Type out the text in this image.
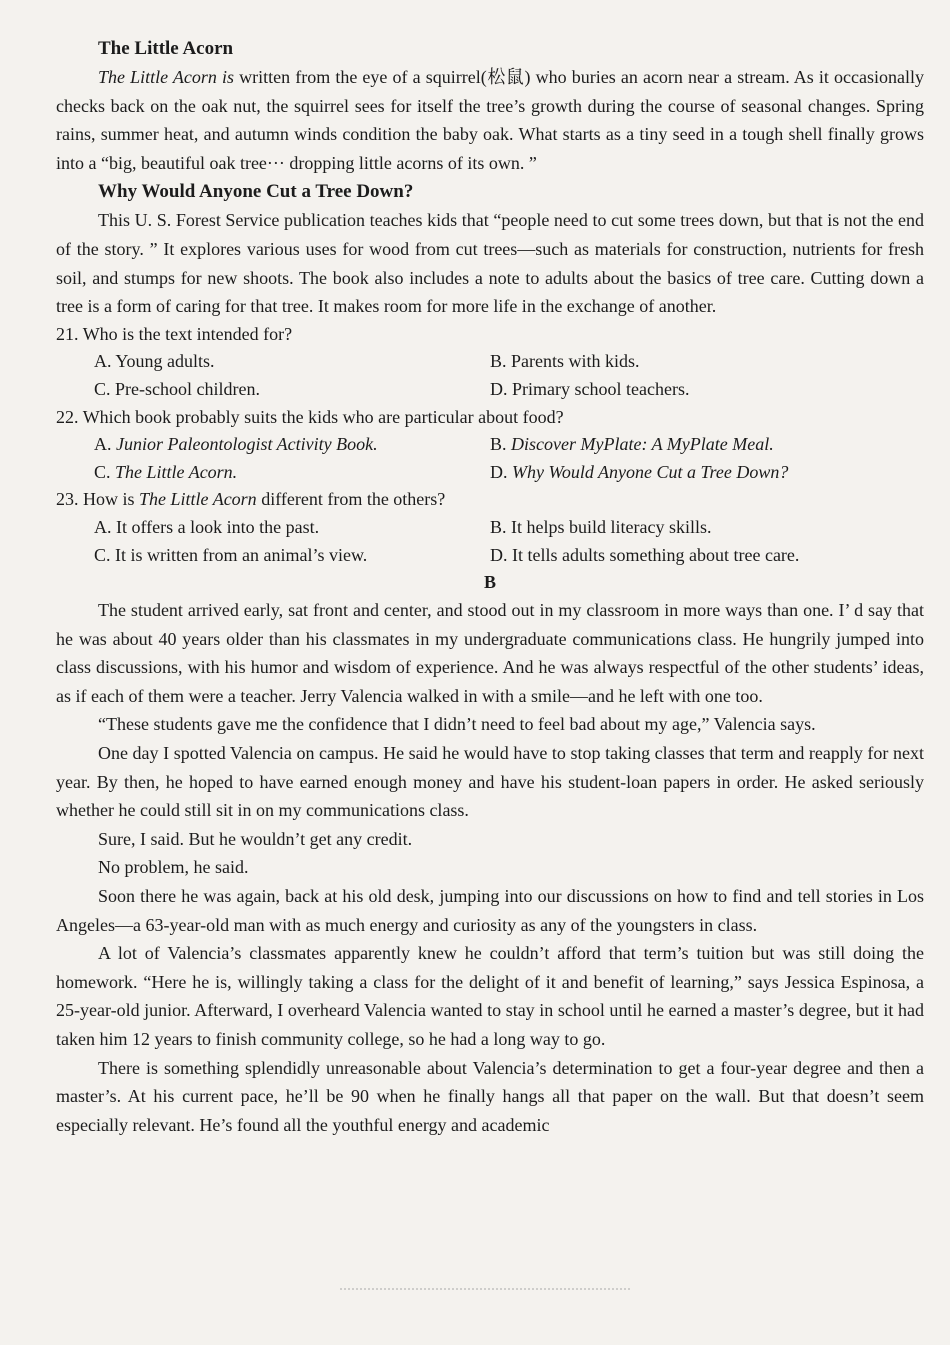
The Little Acorn

The Little Acorn is written from the eye of a squirrel(松鼠) who buries an acorn near a stream. As it occasionally checks back on the oak nut, the squirrel sees for itself the tree’s growth during the course of seasonal changes. Spring rains, summer heat, and autumn winds condition the baby oak. What starts as a tiny seed in a tough shell finally grows into a “big, beautiful oak tree··· dropping little acorns of its own. ”

Why Would Anyone Cut a Tree Down?

This U. S. Forest Service publication teaches kids that “people need to cut some trees down, but that is not the end of the story. ” It explores various uses for wood from cut trees—such as materials for construction, nutrients for fresh soil, and stumps for new shoots. The book also includes a note to adults about the basics of tree care. Cutting down a tree is a form of caring for that tree. It makes room for more life in the exchange of another.

21. Who is the text intended for?

A. Young adults.	B. Parents with kids.
C. Pre-school children.	D. Primary school teachers.

22. Which book probably suits the kids who are particular about food?

A. Junior Paleontologist Activity Book.	B. Discover MyPlate: A MyPlate Meal.
C. The Little Acorn.	D. Why Would Anyone Cut a Tree Down?

23. How is The Little Acorn different from the others?

A. It offers a look into the past.	B. It helps build literacy skills.
C. It is written from an animal’s view.	D. It tells adults something about tree care.

B

The student arrived early, sat front and center, and stood out in my classroom in more ways than one. I’ d say that he was about 40 years older than his classmates in my undergraduate communications class. He hungrily jumped into class discussions, with his humor and wisdom of experience. And he was always respectful of the other students’ ideas, as if each of them were a teacher. Jerry Valencia walked in with a smile—and he left with one too.

“These students gave me the confidence that I didn’t need to feel bad about my age,” Valencia says.

One day I spotted Valencia on campus. He said he would have to stop taking classes that term and reapply for next year. By then, he hoped to have earned enough money and have his student-loan papers in order. He asked seriously whether he could still sit in on my communications class.

Sure, I said. But he wouldn’t get any credit.

No problem, he said.

Soon there he was again, back at his old desk, jumping into our discussions on how to find and tell stories in Los Angeles—a 63-year-old man with as much energy and curiosity as any of the youngsters in class.

A lot of Valencia’s classmates apparently knew he couldn’t afford that term’s tuition but was still doing the homework. “Here he is, willingly taking a class for the delight of it and benefit of learning,” says Jessica Espinosa, a 25-year-old junior. Afterward, I overheard Valencia wanted to stay in school until he earned a master’s degree, but it had taken him 12 years to finish community college, so he had a long way to go.

There is something splendidly unreasonable about Valencia’s determination to get a four-year degree and then a master’s. At his current pace, he’ll be 90 when he finally hangs all that paper on the wall. But that doesn’t seem especially relevant. He’s found all the youthful energy and academic
